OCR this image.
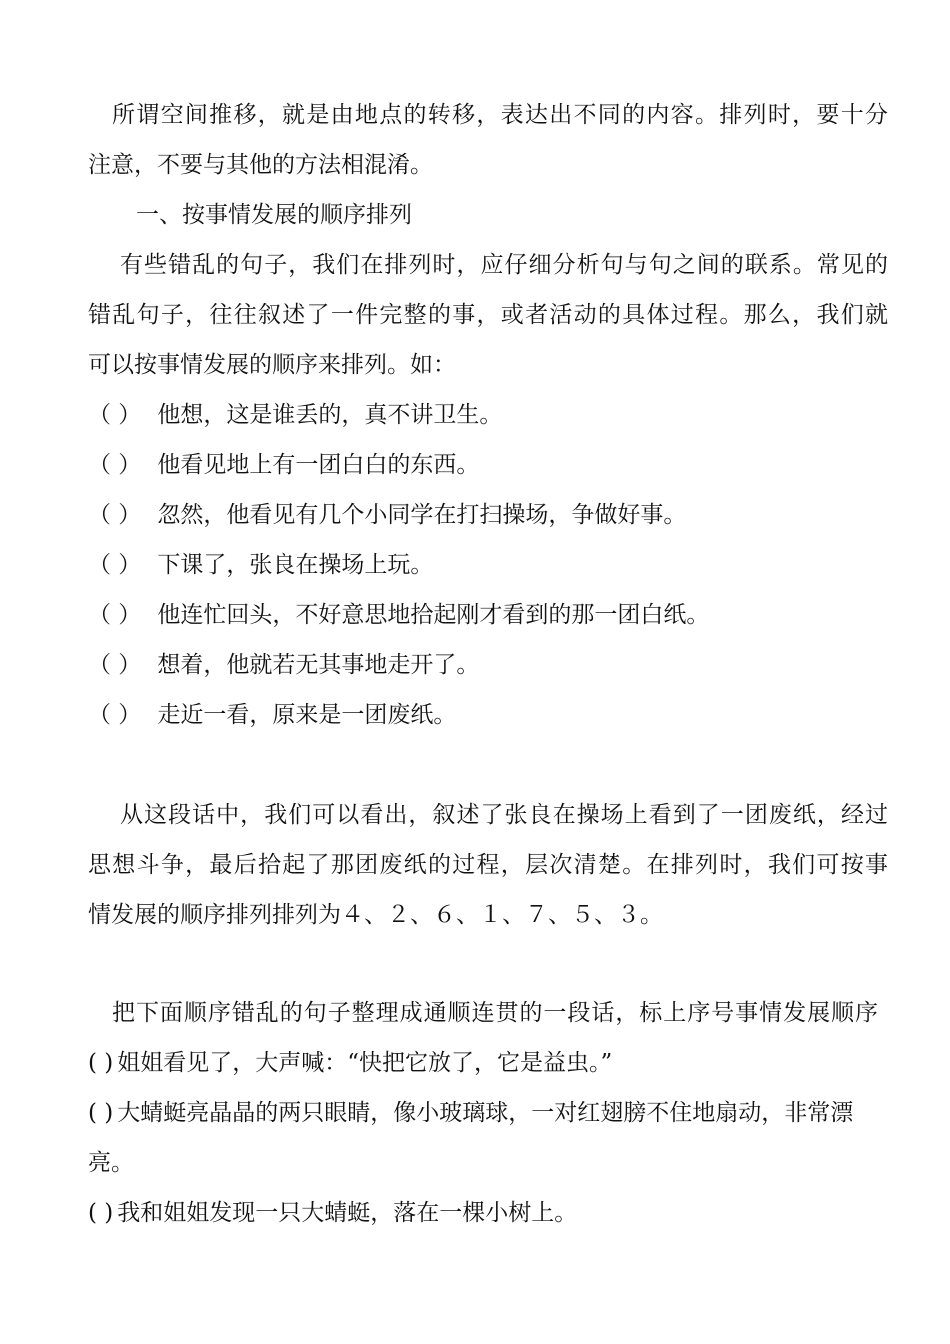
所谓空间推移，就是由地点的转移，表达出不同的内容。排列时，要十分
注意，不要与其他的方法相混淆。
一、按事情发展的顺序排列
有些错乱的句子，我们在排列时，应仔细分析句与句之间的联系。常见的
错乱句子，往往叙述了一件完整的事，或者活动的具体过程。那么，我们就
可以按事情发展的顺序来排列。如：
（ ） 他想，这是谁丢的，真不讲卫生。
（ ） 他看见地上有一团白白的东西。
（ ） 忽然，他看见有几个小同学在打扫操场，争做好事。
（ ） 下课了，张良在操场上玩。
（ ） 他连忙回头，不好意思地拾起刚才看到的那一团白纸。
（ ） 想着，他就若无其事地走开了。
（ ） 走近一看，原来是一团废纸。
从这段话中，我们可以看出，叙述了张良在操场上看到了一团废纸，经过
思想斗争，最后拾起了那团废纸的过程，层次清楚。在排列时，我们可按事
情发展的顺序排列排列为４、２、６、１、７、５、３。
把下面顺序错乱的句子整理成通顺连贯的一段话，标上序号事情发展顺序
( ) 姐姐看见了，大声喊：“快把它放了，它是益虫。”
( ) 大蜻蜓亮晶晶的两只眼睛，像小玻璃球，一对红翅膀不住地扇动，非常漂
亮。
( ) 我和姐姐发现一只大蜻蜓，落在一棵小树上。
